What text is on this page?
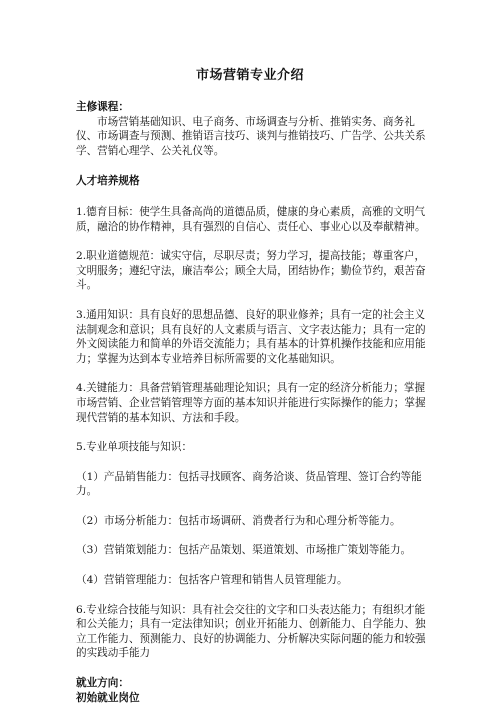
市场营销专业介绍

主修课程：

市场营销基础知识、电子商务、市场调查与分析、推销实务、商务礼仪、市场调查与预测、推销语言技巧、谈判与推销技巧、广告学、公共关系学、营销心理学、公关礼仪等。

人才培养规格

1.德育目标：使学生具备高尚的道德品质，健康的身心素质，高雅的文明气质，融洽的协作精神，具有强烈的自信心、责任心、事业心以及奉献精神。

2.职业道德规范：诚实守信，尽职尽责；努力学习，提高技能；尊重客户，文明服务；遵纪守法，廉洁奉公；顾全大局，团结协作；勤俭节约，艰苦奋斗。

3.通用知识：具有良好的思想品德、良好的职业修养；具有一定的社会主义法制观念和意识；具有良好的人文素质与语言、文字表达能力；具有一定的外文阅读能力和简单的外语交流能力；具有基本的计算机操作技能和应用能力；掌握为达到本专业培养目标所需要的文化基础知识。

4.关键能力：具备营销管理基础理论知识；具有一定的经济分析能力；掌握市场营销、企业营销管理等方面的基本知识并能进行实际操作的能力；掌握现代营销的基本知识、方法和手段。

5.专业单项技能与知识：

（1）产品销售能力：包括寻找顾客、商务洽谈、货品管理、签订合约等能力。

（2）市场分析能力：包括市场调研、消费者行为和心理分析等能力。

（3）营销策划能力：包括产品策划、渠道策划、市场推广策划等能力。

（4）营销管理能力：包括客户管理和销售人员管理能力。

6.专业综合技能与知识：具有社会交往的文字和口头表达能力；有组织才能和公关能力；具有一定法律知识；创业开拓能力、创新能力、自学能力、独立工作能力、预测能力、良好的协调能力、分析解决实际问题的能力和较强的实践动手能力

就业方向：

初始就业岗位
